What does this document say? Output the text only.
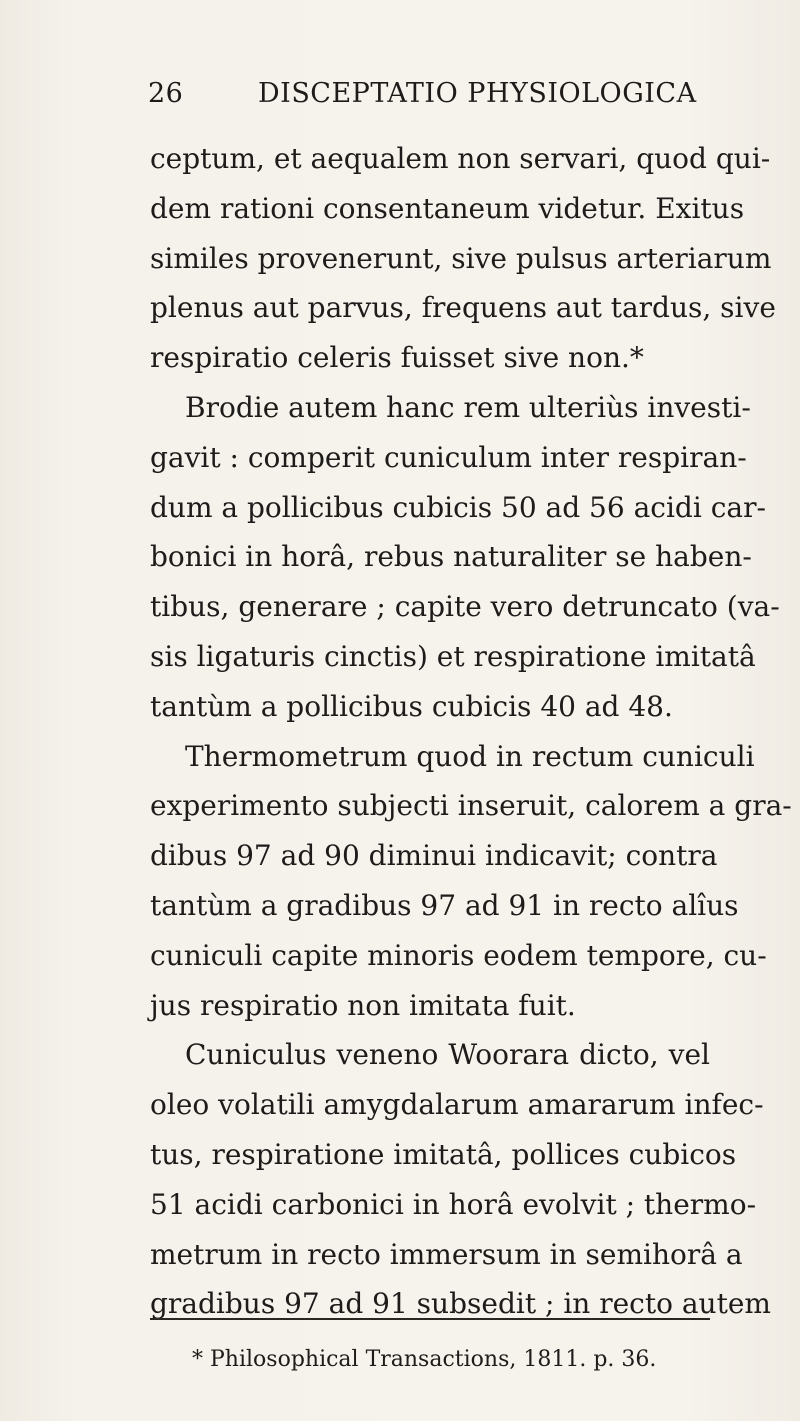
26	DISCEPTATIO PHYSIOLOGICA
ceptum, et aequalem non servari, quod qui-
dem rationi consentaneum videtur. Exitus
similes provenerunt, sive pulsus arteriarum
plenus aut parvus, frequens aut tardus, sive
respiratio celeris fuisset sive non.*
Brodie autem hanc rem ulteriùs investi-
gavit : comperit cuniculum inter respiran-
dum a pollicibus cubicis 50 ad 56 acidi car-
bonici in horâ, rebus naturaliter se haben-
tibus, generare ; capite vero detruncato (va-
sis ligaturis cinctis) et respiratione imitatâ
tantùm a pollicibus cubicis 40 ad 48.
Thermometrum quod in rectum cuniculi
experimento subjecti inseruit, calorem a gra-
dibus 97 ad 90 diminui indicavit; contra
tantùm a gradibus 97 ad 91 in recto alîus
cuniculi capite minoris eodem tempore, cu-
jus respiratio non imitata fuit.
Cuniculus veneno Woorara dicto, vel
oleo volatili amygdalarum amararum infec-
tus, respiratione imitatâ, pollices cubicos
51 acidi carbonici in horâ evolvit ; thermo-
metrum in recto immersum in semihorâ a
gradibus 97 ad 91 subsedit ; in recto autem
* Philosophical Transactions, 1811. p. 36.
